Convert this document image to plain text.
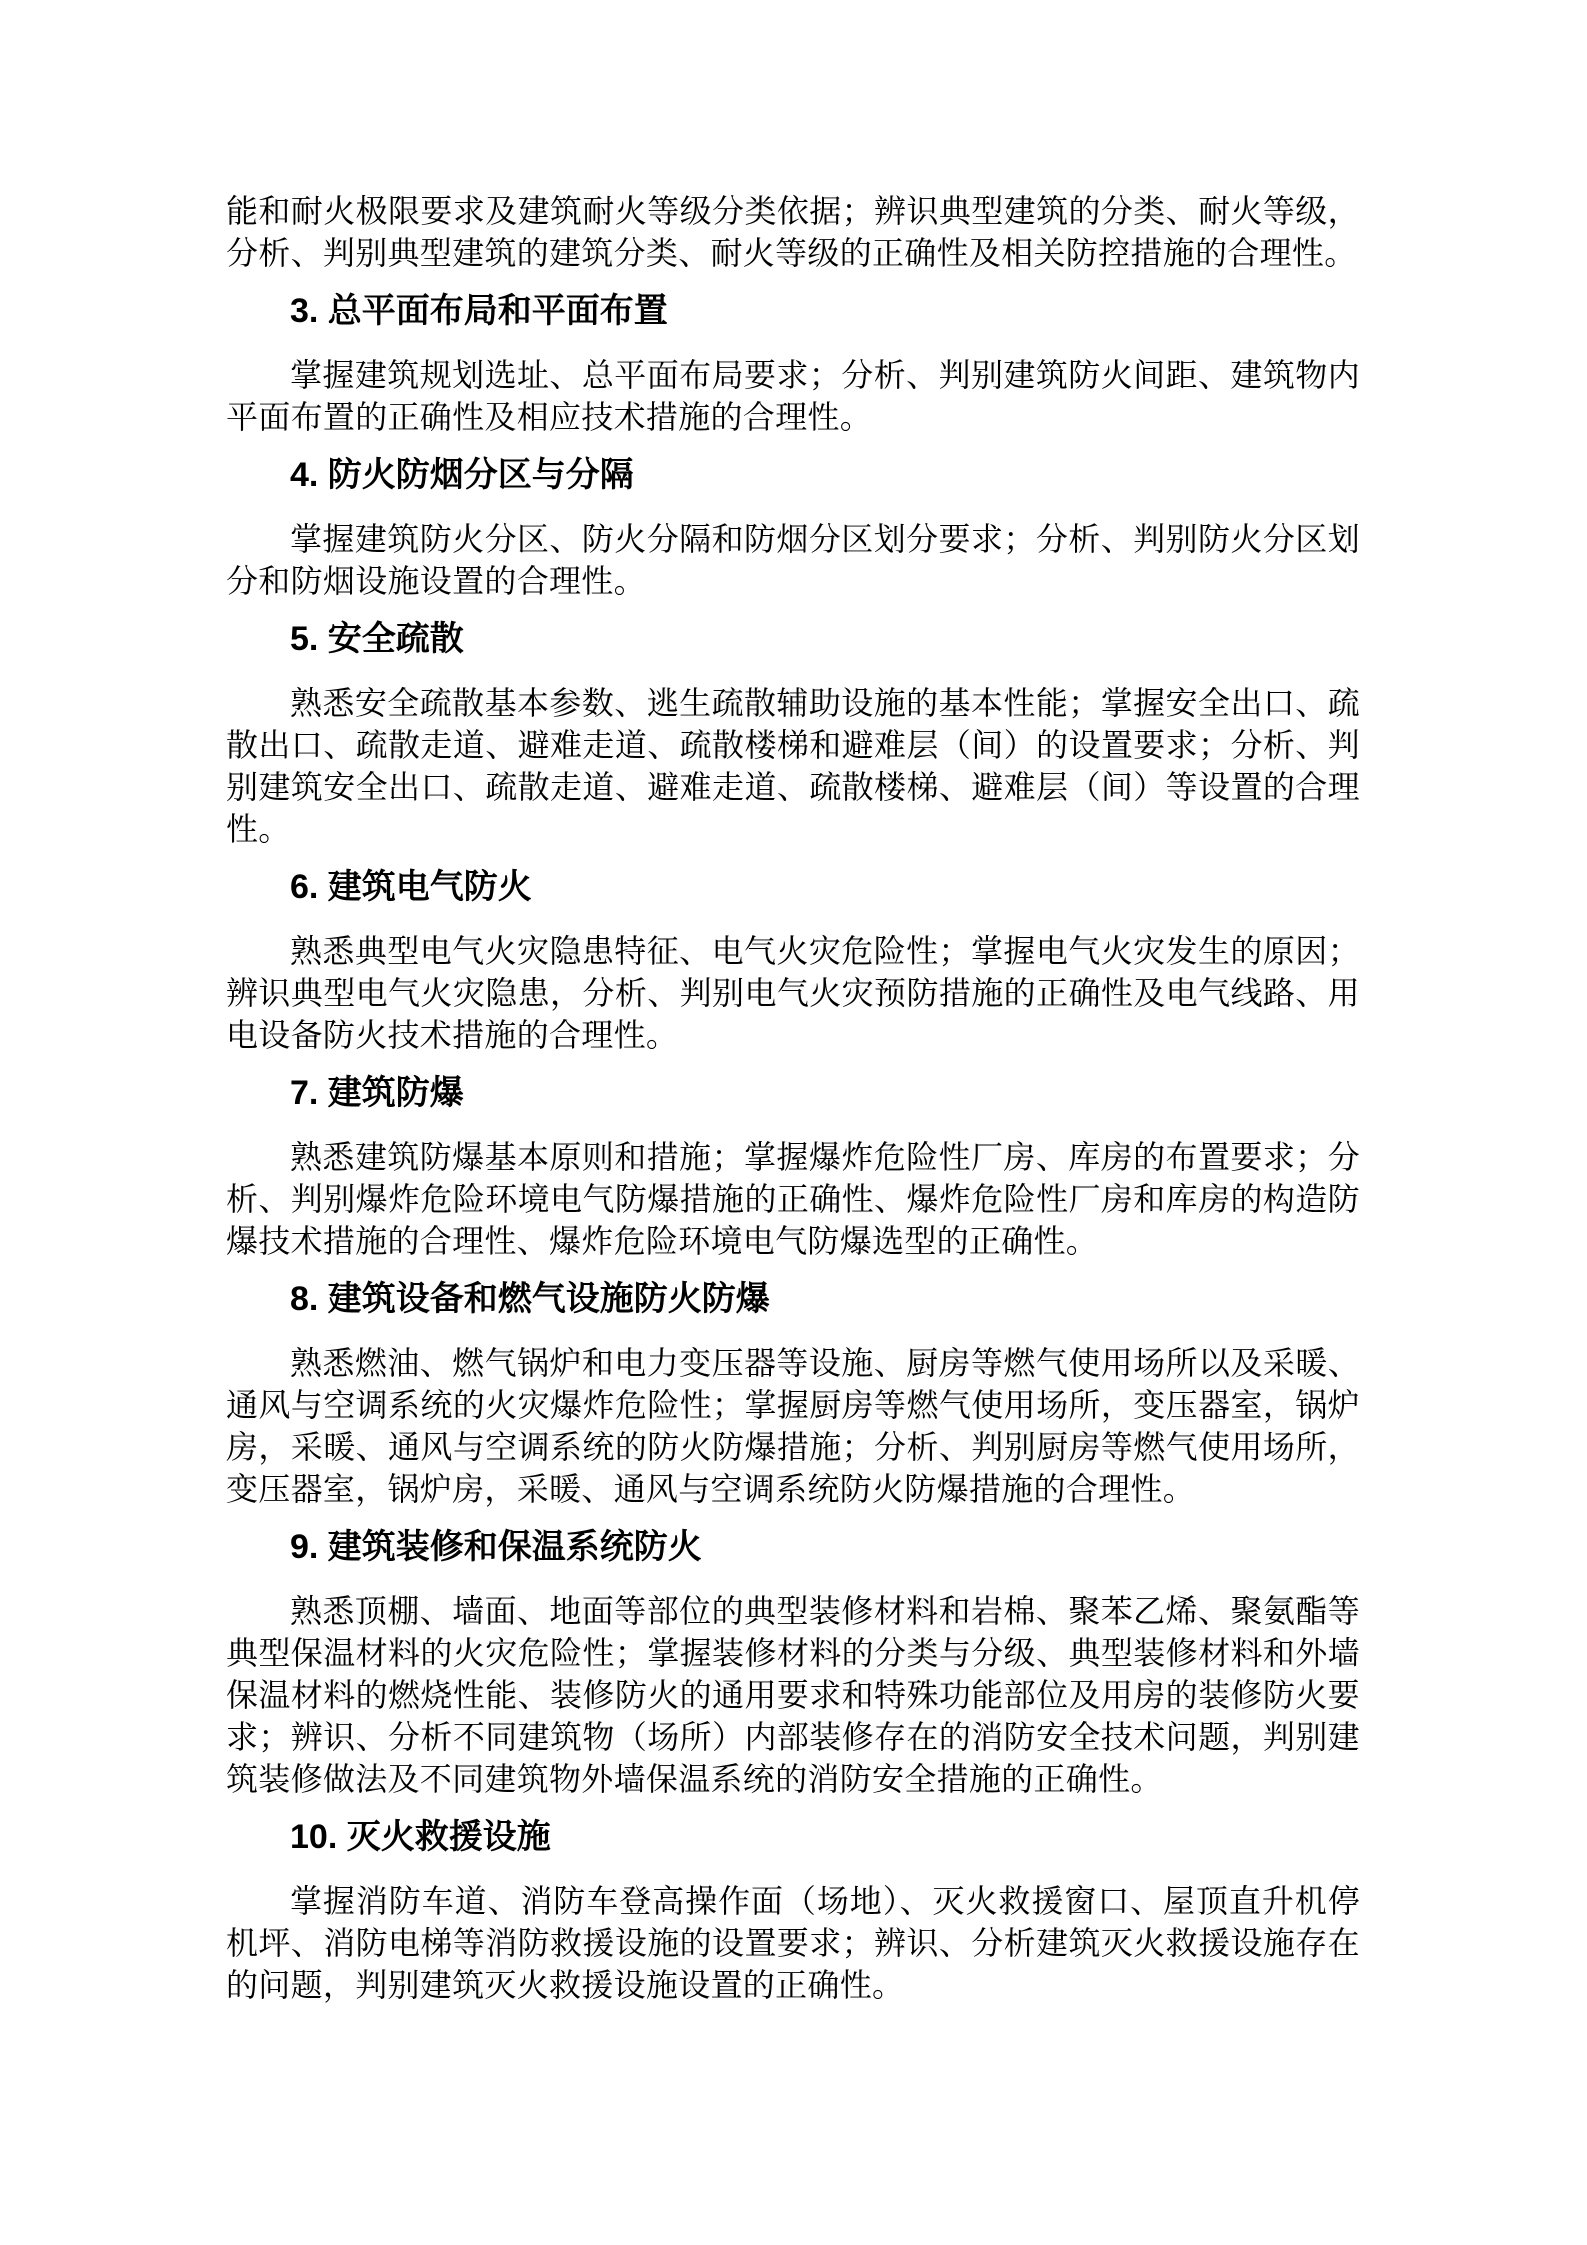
能和耐火极限要求及建筑耐火等级分类依据；辨识典型建筑的分类、耐火等级，分析、判别典型建筑的建筑分类、耐火等级的正确性及相关防控措施的合理性。

3. 总平面布局和平面布置

掌握建筑规划选址、总平面布局要求；分析、判别建筑防火间距、建筑物内平面布置的正确性及相应技术措施的合理性。

4. 防火防烟分区与分隔

掌握建筑防火分区、防火分隔和防烟分区划分要求；分析、判别防火分区划分和防烟设施设置的合理性。

5. 安全疏散

熟悉安全疏散基本参数、逃生疏散辅助设施的基本性能；掌握安全出口、疏散出口、疏散走道、避难走道、疏散楼梯和避难层（间）的设置要求；分析、判别建筑安全出口、疏散走道、避难走道、疏散楼梯、避难层（间）等设置的合理性。

6. 建筑电气防火

熟悉典型电气火灾隐患特征、电气火灾危险性；掌握电气火灾发生的原因；辨识典型电气火灾隐患，分析、判别电气火灾预防措施的正确性及电气线路、用电设备防火技术措施的合理性。

7. 建筑防爆

熟悉建筑防爆基本原则和措施；掌握爆炸危险性厂房、库房的布置要求；分析、判别爆炸危险环境电气防爆措施的正确性、爆炸危险性厂房和库房的构造防爆技术措施的合理性、爆炸危险环境电气防爆选型的正确性。

8. 建筑设备和燃气设施防火防爆

熟悉燃油、燃气锅炉和电力变压器等设施、厨房等燃气使用场所以及采暖、通风与空调系统的火灾爆炸危险性；掌握厨房等燃气使用场所，变压器室，锅炉房，采暖、通风与空调系统的防火防爆措施；分析、判别厨房等燃气使用场所，变压器室，锅炉房，采暖、通风与空调系统防火防爆措施的合理性。

9. 建筑装修和保温系统防火

熟悉顶棚、墙面、地面等部位的典型装修材料和岩棉、聚苯乙烯、聚氨酯等典型保温材料的火灾危险性；掌握装修材料的分类与分级、典型装修材料和外墙保温材料的燃烧性能、装修防火的通用要求和特殊功能部位及用房的装修防火要求；辨识、分析不同建筑物（场所）内部装修存在的消防安全技术问题，判别建筑装修做法及不同建筑物外墙保温系统的消防安全措施的正确性。

10. 灭火救援设施

掌握消防车道、消防车登高操作面（场地）、灭火救援窗口、屋顶直升机停机坪、消防电梯等消防救援设施的设置要求；辨识、分析建筑灭火救援设施存在的问题，判别建筑灭火救援设施设置的正确性。
